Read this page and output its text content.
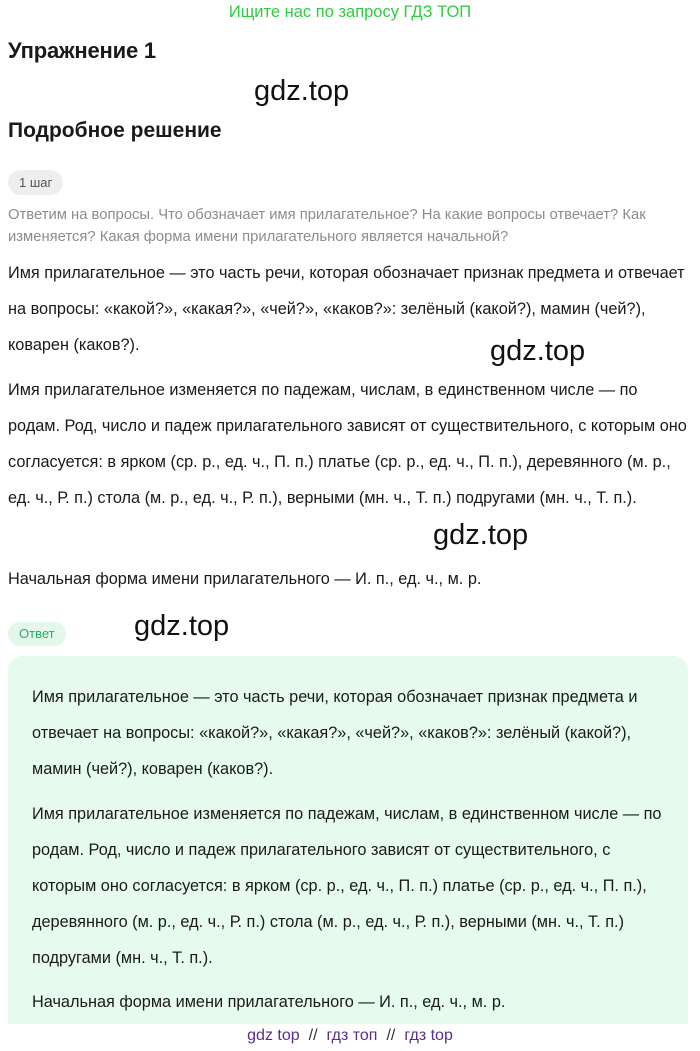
Ищите нас по запросу ГДЗ ТОП
Упражнение 1
gdz.top
Подробное решение
1 шаг
Ответим на вопросы. Что обозначает имя прилагательное? На какие вопросы отвечает? Как изменяется? Какая форма имени прилагательного является начальной?
Имя прилагательное — это часть речи, которая обозначает признак предмета и отвечает на вопросы: «какой?», «какая?», «чей?», «каков?»: зелёный (какой?), мамин (чей?), коварен (каков?).	gdz.top
Имя прилагательное изменяется по падежам, числам, в единственном числе — по родам. Род, число и падеж прилагательного зависят от существительного, с которым оно согласуется: в ярком (ср. р., ед. ч., П. п.) платье (ср. р., ед. ч., П. п.), деревянного (м. р., ед. ч., Р. п.) стола (м. р., ед. ч., Р. п.), верными (мн. ч., Т. п.) подругами (мн. ч., Т. п.).
gdz.top
Начальная форма имени прилагательного — И. п., ед. ч., м. р.
Ответ	gdz.top
Имя прилагательное — это часть речи, которая обозначает признак предмета и отвечает на вопросы: «какой?», «какая?», «чей?», «каков?»: зелёный (какой?), мамин (чей?), коварен (каков?).
Имя прилагательное изменяется по падежам, числам, в единственном числе — по родам. Род, число и падеж прилагательного зависят от существительного, с которым оно согласуется: в ярком (ср. р., ед. ч., П. п.) платье (ср. р., ед. ч., П. п.), деревянного (м. р., ед. ч., Р. п.) стола (м. р., ед. ч., Р. п.), верными (мн. ч., Т. п.) подругами (мн. ч., Т. п.).
Начальная форма имени прилагательного — И. п., ед. ч., м. р.
gdz top // гдз топ // гдз top
